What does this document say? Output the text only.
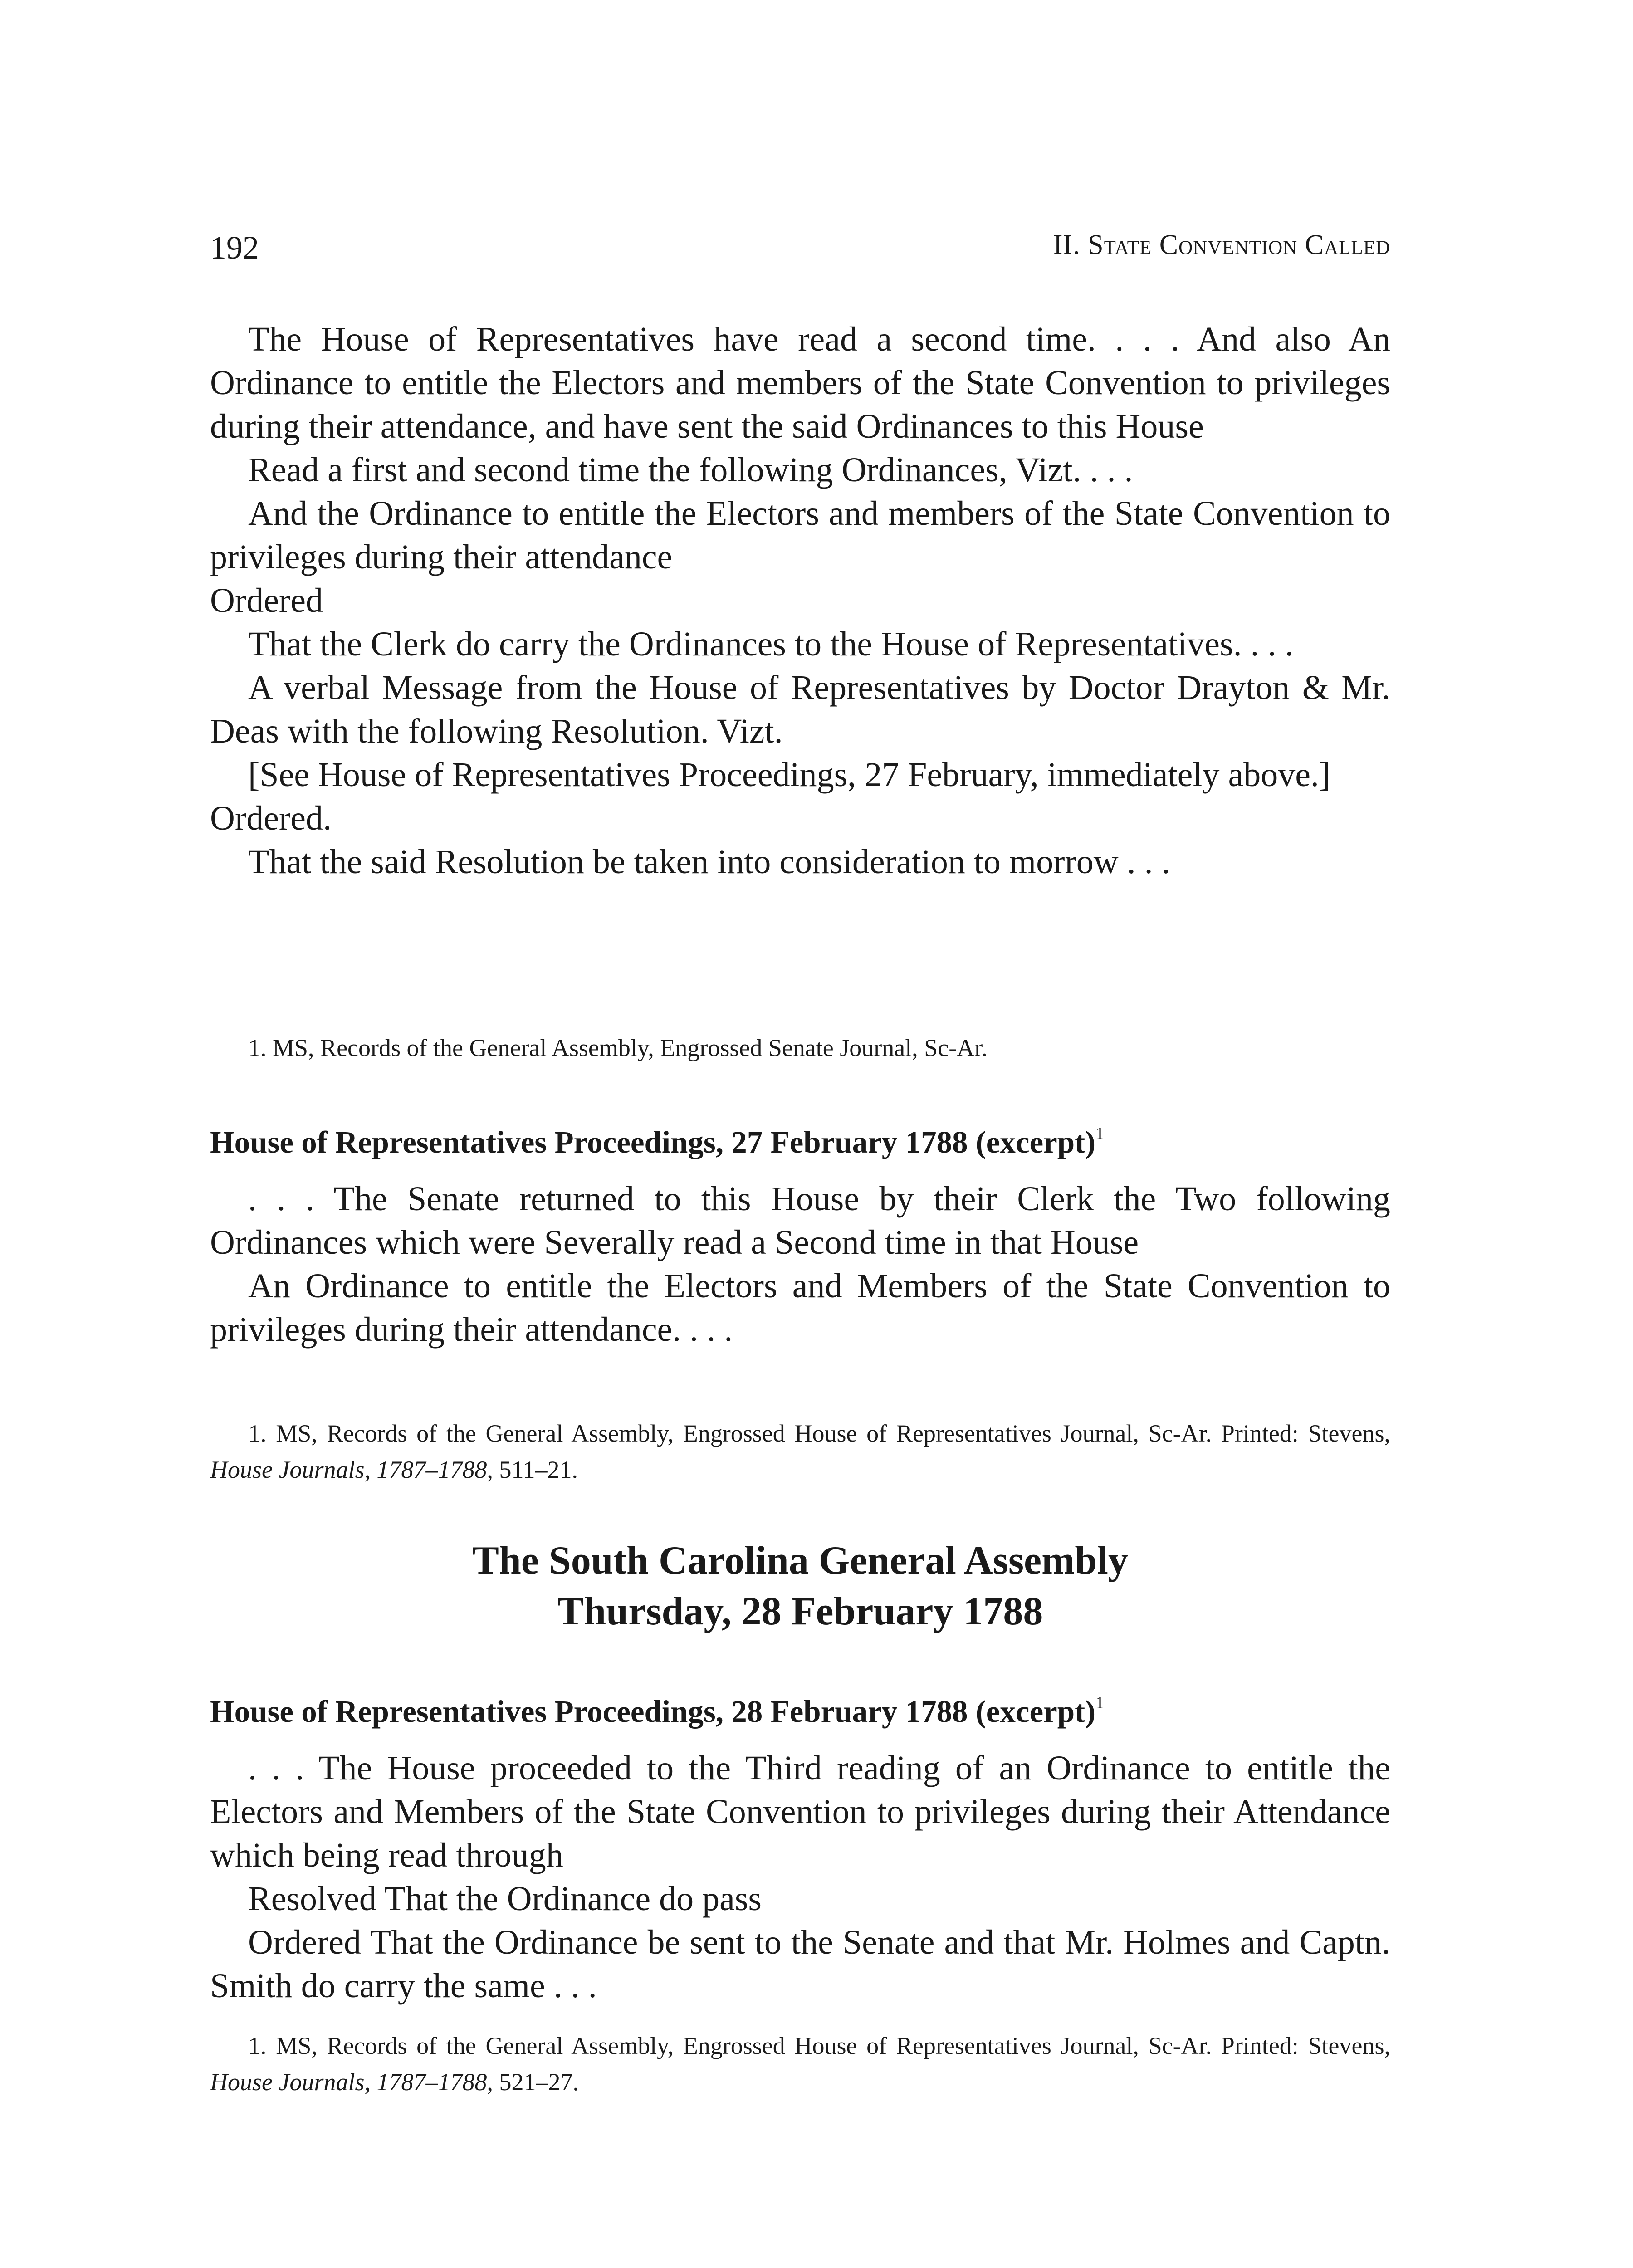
192	II. State Convention Called

The House of Representatives have read a second time. . . . And also An Ordinance to entitle the Electors and members of the State Convention to privileges during their attendance, and have sent the said Ordinances to this House

Read a first and second time the following Ordinances, Vizt. . . .

And the Ordinance to entitle the Electors and members of the State Convention to privileges during their attendance

Ordered

That the Clerk do carry the Ordinances to the House of Representatives. . . .

A verbal Message from the House of Representatives by Doctor Drayton & Mr. Deas with the following Resolution. Vizt.

[See House of Representatives Proceedings, 27 February, immediately above.]

Ordered.

That the said Resolution be taken into consideration to morrow . . .

1. MS, Records of the General Assembly, Engrossed Senate Journal, Sc-Ar.

House of Representatives Proceedings, 27 February 1788 (excerpt)$^1$

. . . The Senate returned to this House by their Clerk the Two following Ordinances which were Severally read a Second time in that House

An Ordinance to entitle the Electors and Members of the State Convention to privileges during their attendance. . . .

1. MS, Records of the General Assembly, Engrossed House of Representatives Journal, Sc-Ar. Printed: Stevens, House Journals, 1787–1788, 511–21.

The South Carolina General Assembly
Thursday, 28 February 1788
House of Representatives Proceedings, 28 February 1788 (excerpt)$^1$

. . . The House proceeded to the Third reading of an Ordinance to entitle the Electors and Members of the State Convention to privileges during their Attendance which being read through

Resolved That the Ordinance do pass

Ordered That the Ordinance be sent to the Senate and that Mr. Holmes and Captn. Smith do carry the same . . .

1. MS, Records of the General Assembly, Engrossed House of Representatives Journal, Sc-Ar. Printed: Stevens, House Journals, 1787–1788, 521–27.
